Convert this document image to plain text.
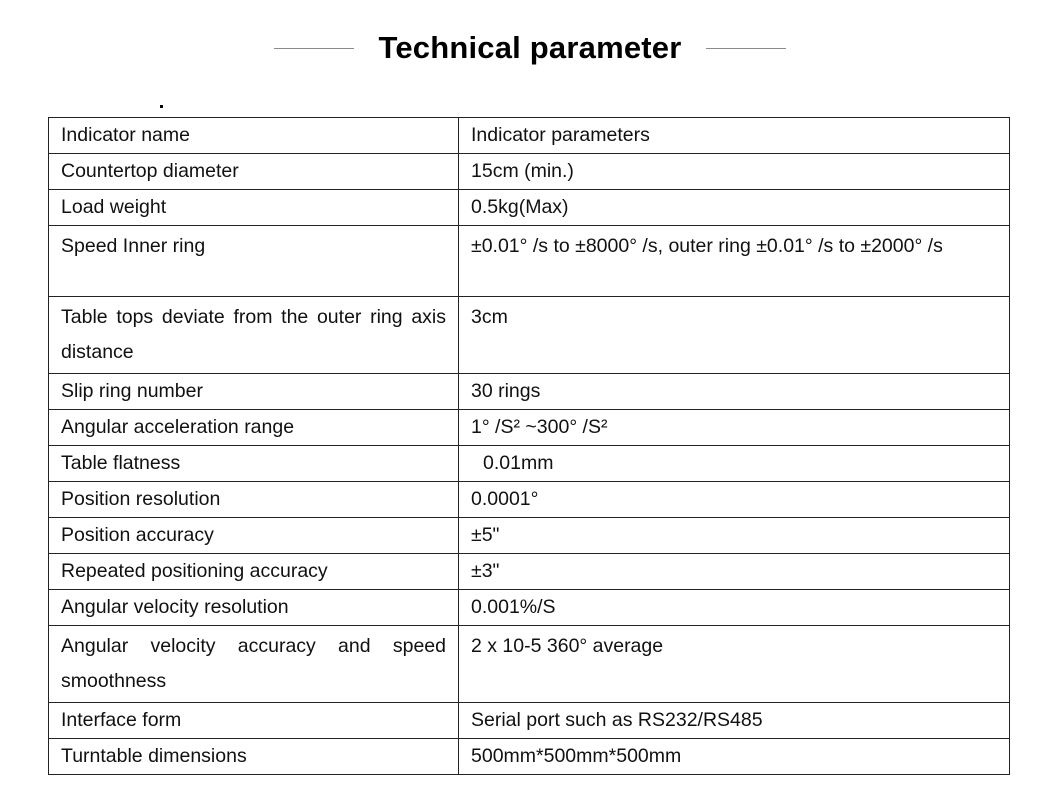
Technical parameter
Indicator name	Indicator parameters
Countertop diameter	15cm (min.)
Load weight	0.5kg(Max)
Speed Inner ring	±0.01° /s to ±8000° /s, outer ring ±0.01° /s to ±2000° /s
Table tops deviate from the outer ring axis distance	3cm
Slip ring number	30 rings
Angular acceleration range	1° /S² ~300° /S²
Table flatness	0.01mm
Position resolution	0.0001°
Position accuracy	±5"
Repeated positioning accuracy	±3"
Angular velocity resolution	0.001%/S
Angular velocity accuracy and speed smoothness	2 x 10-5 360° average
Interface form	Serial port such as RS232/RS485
Turntable dimensions	500mm*500mm*500mm
